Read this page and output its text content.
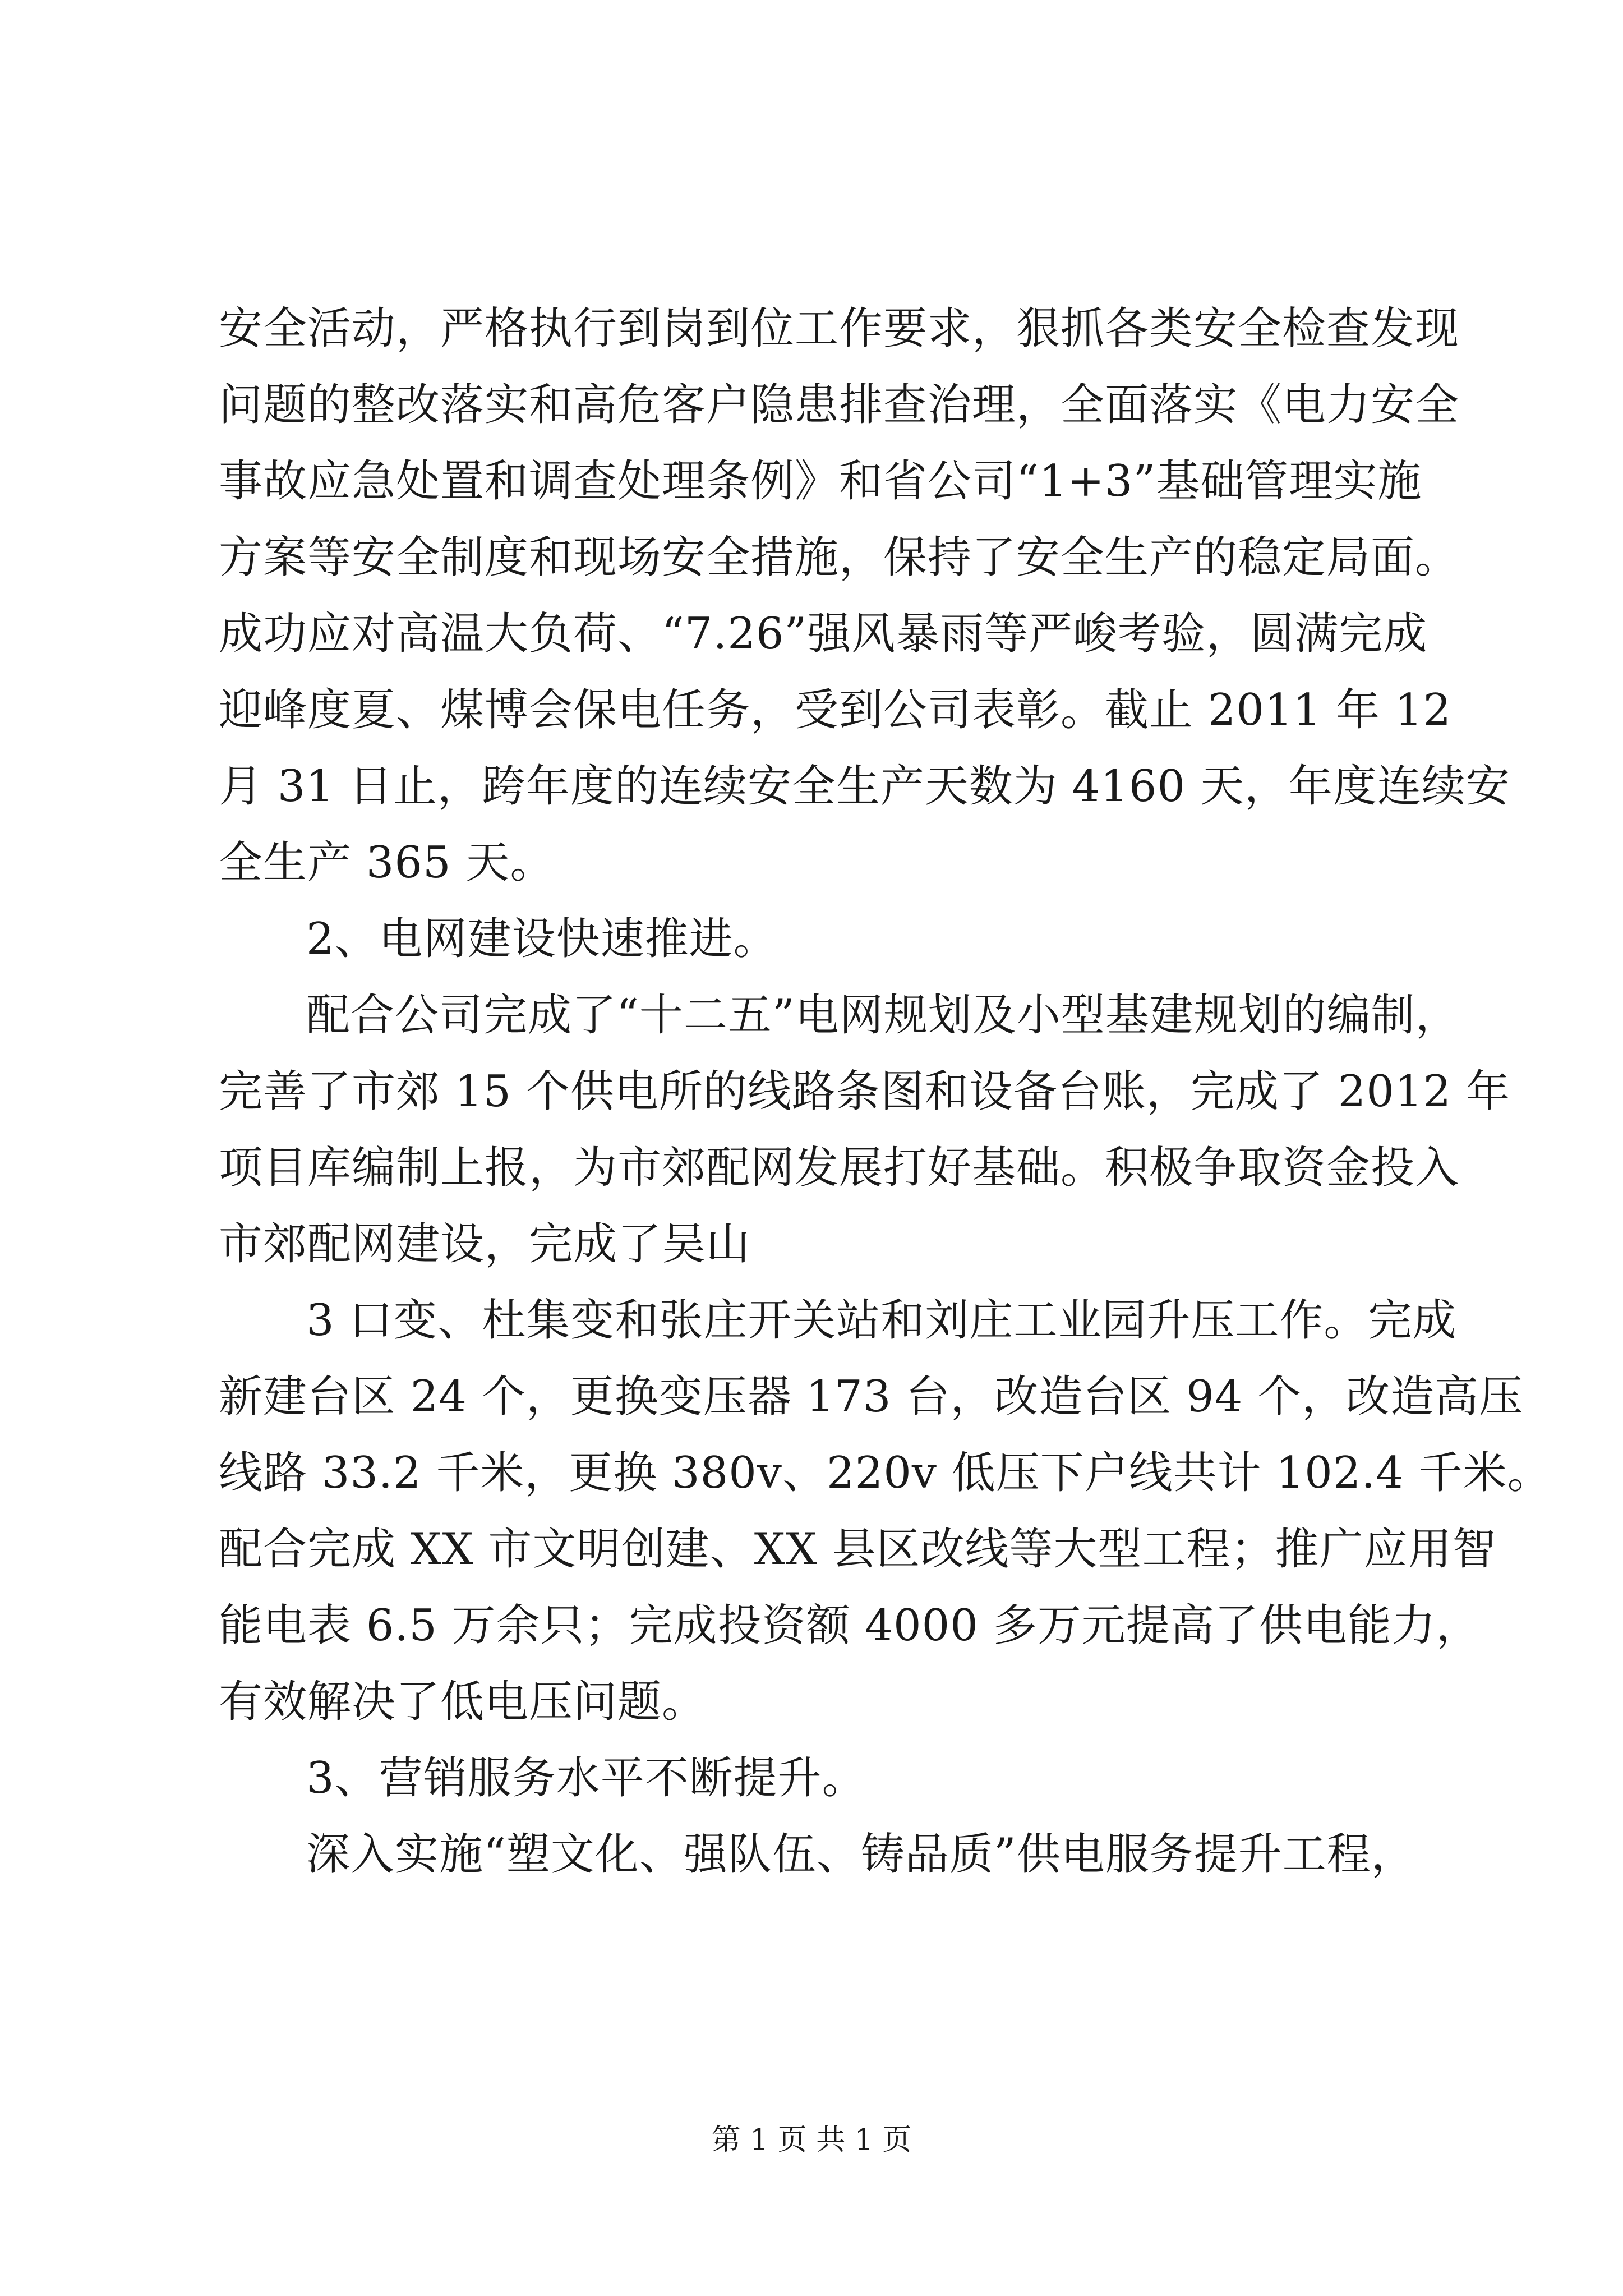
安全活动，严格执行到岗到位工作要求，狠抓各类安全检查发现
问题的整改落实和高危客户隐患排查治理，全面落实《电力安全
事故应急处置和调查处理条例》和省公司“1+3”基础管理实施
方案等安全制度和现场安全措施，保持了安全生产的稳定局面。
成功应对高温大负荷、“7.26”强风暴雨等严峻考验，圆满完成
迎峰度夏、煤博会保电任务，受到公司表彰。截止 2011 年 12
月 31 日止，跨年度的连续安全生产天数为 4160 天，年度连续安
全生产 365 天。
2、电网建设快速推进。
配合公司完成了“十二五”电网规划及小型基建规划的编制，
完善了市郊 15 个供电所的线路条图和设备台账，完成了 2012 年
项目库编制上报，为市郊配网发展打好基础。积极争取资金投入
市郊配网建设，完成了吴山
3 口变、杜集变和张庄开关站和刘庄工业园升压工作。完成
新建台区 24 个，更换变压器 173 台，改造台区 94 个，改造高压
线路 33.2 千米，更换 380v、220v 低压下户线共计 102.4 千米。
配合完成 XX 市文明创建、XX 县区改线等大型工程；推广应用智
能电表 6.5 万余只；完成投资额 4000 多万元提高了供电能力，
有效解决了低电压问题。
3、营销服务水平不断提升。
深入实施“塑文化、强队伍、铸品质”供电服务提升工程，
第 1 页 共 1 页
